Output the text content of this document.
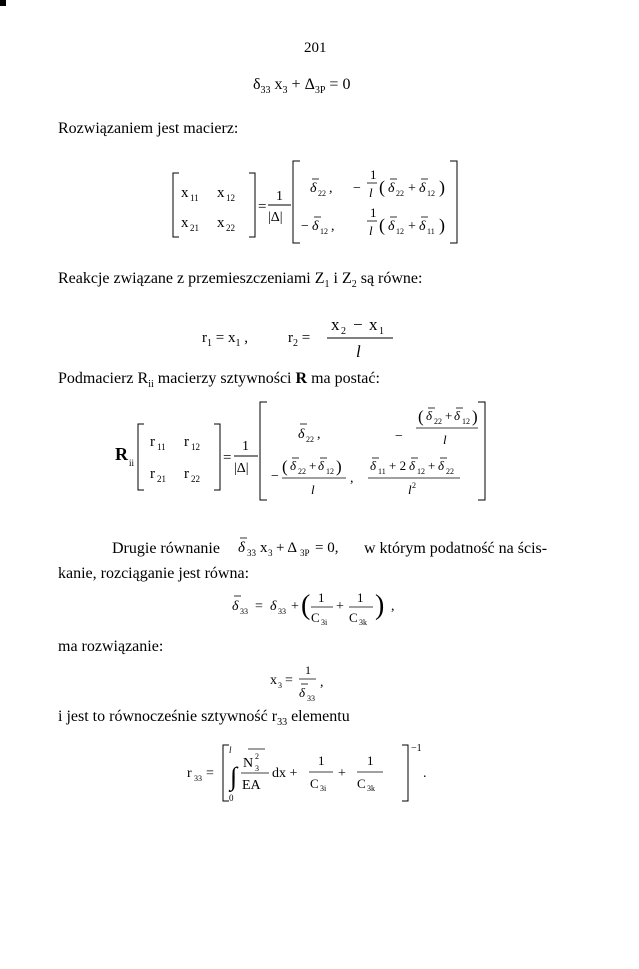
201
$\delta_{33}$ $x_3 + \Delta_{3P} = 0$
Rozwiązaniem jest macierz:
x 11 x 12
x 21 x 22
=
1
|Δ|
δ 22 , −
1
l ( δ 22 + δ 12 )
− δ 12 ,
1
l ( δ 12 + δ 11 )
Reakcje związane z przemieszczeniami $Z_1$ i $Z_2$ są równe:
$r_1 = x_1$ ,	$r_2$ =
x 2 − x 1
l
Podmacierz $R_{ii}$ macierzy sztywności R ma postać:
R ii
r 11 r 12
r 21 r 22
=
1
|Δ|
δ 22 ,	−
( δ 22 + δ 12 )
l
−
( δ 22 + δ 12 )
l
,
δ 11 + 2 δ 12 + δ 22
l 2
Drugie równanie δ 33 x 3 + Δ 3P = 0, w którym podatność na ścis-
kanie, rozciąganie jest równa:
δ 33 = δ 33 + ( 1
C 3i
+
1
C 3k
) ,
ma rozwiązanie:
x 3 =
1
δ 33
,
i jest to równocześnie sztywność $r_{33}$ elementu
r 33 =
−1
l
∫
0
N 2
3
EA
dx +
1
C 3i
+
1
C 3k
.
